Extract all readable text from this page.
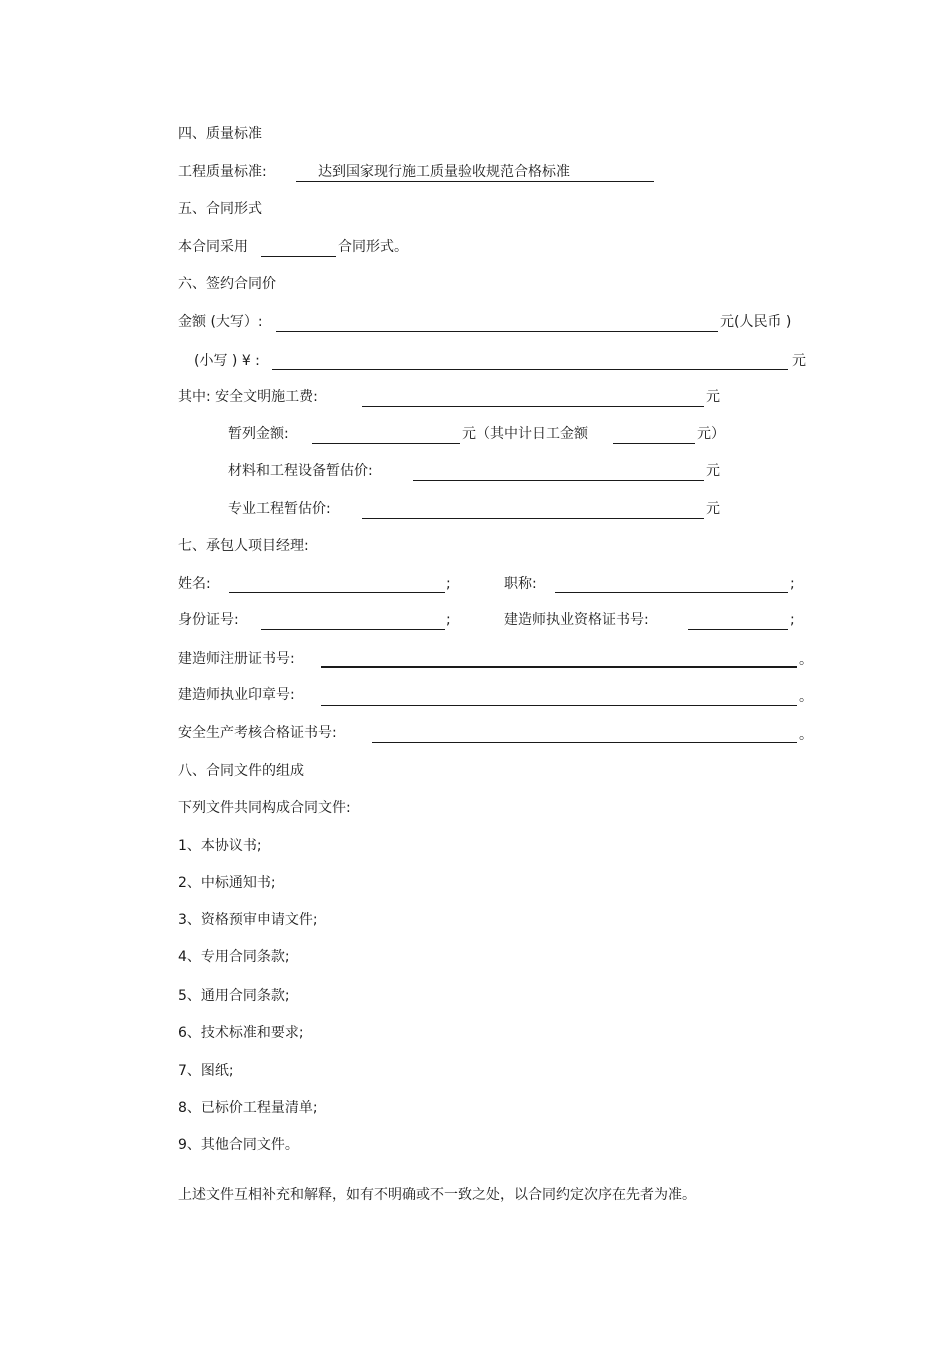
四、质量标准
工程质量标准:	达到国家现行施工质量验收规范合格标准
五、合同形式
本合同采用	合同形式。
六、签约合同价
金额 (大写）:	元(人民币 )
(小写 ) ¥ :	元
其中: 安全文明施工费:	元
暂列金额:	元（其中计日工金额	元）
材料和工程设备暂估价:	元
专业工程暂估价:	元
七、承包人项目经理:
姓名:	;	职称:	;
身份证号:	;	建造师执业资格证书号:	;
建造师注册证书号:	。
建造师执业印章号:	。
安全生产考核合格证书号:	。
八、合同文件的组成
下列文件共同构成合同文件:
1、本协议书;
2、中标通知书;
3、资格预审申请文件;
4、专用合同条款;
5、通用合同条款;
6、技术标准和要求;
7、图纸;
8、已标价工程量清单;
9、其他合同文件。
上述文件互相补充和解释，如有不明确或不一致之处，以合同约定次序在先者为准。
